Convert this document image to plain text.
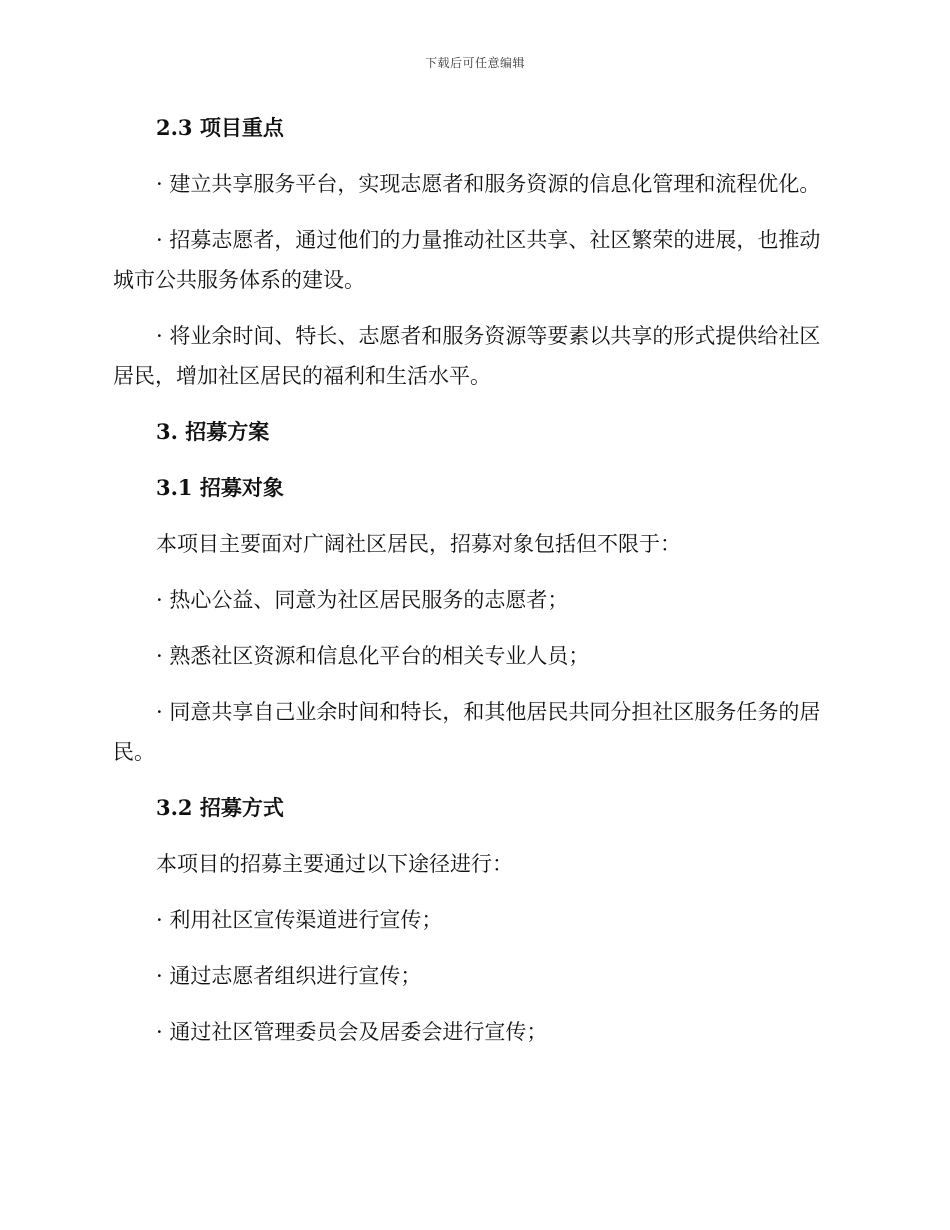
下载后可任意编辑
2.3 项目重点
· 建立共享服务平台，实现志愿者和服务资源的信息化管理和流程优化。
· 招募志愿者，通过他们的力量推动社区共享、社区繁荣的进展，也推动城市公共服务体系的建设。
· 将业余时间、特长、志愿者和服务资源等要素以共享的形式提供给社区居民，增加社区居民的福利和生活水平。
3. 招募方案
3.1 招募对象
本项目主要面对广阔社区居民，招募对象包括但不限于：
· 热心公益、同意为社区居民服务的志愿者；
· 熟悉社区资源和信息化平台的相关专业人员；
· 同意共享自己业余时间和特长，和其他居民共同分担社区服务任务的居民。
3.2 招募方式
本项目的招募主要通过以下途径进行：
· 利用社区宣传渠道进行宣传；
· 通过志愿者组织进行宣传；
· 通过社区管理委员会及居委会进行宣传；
